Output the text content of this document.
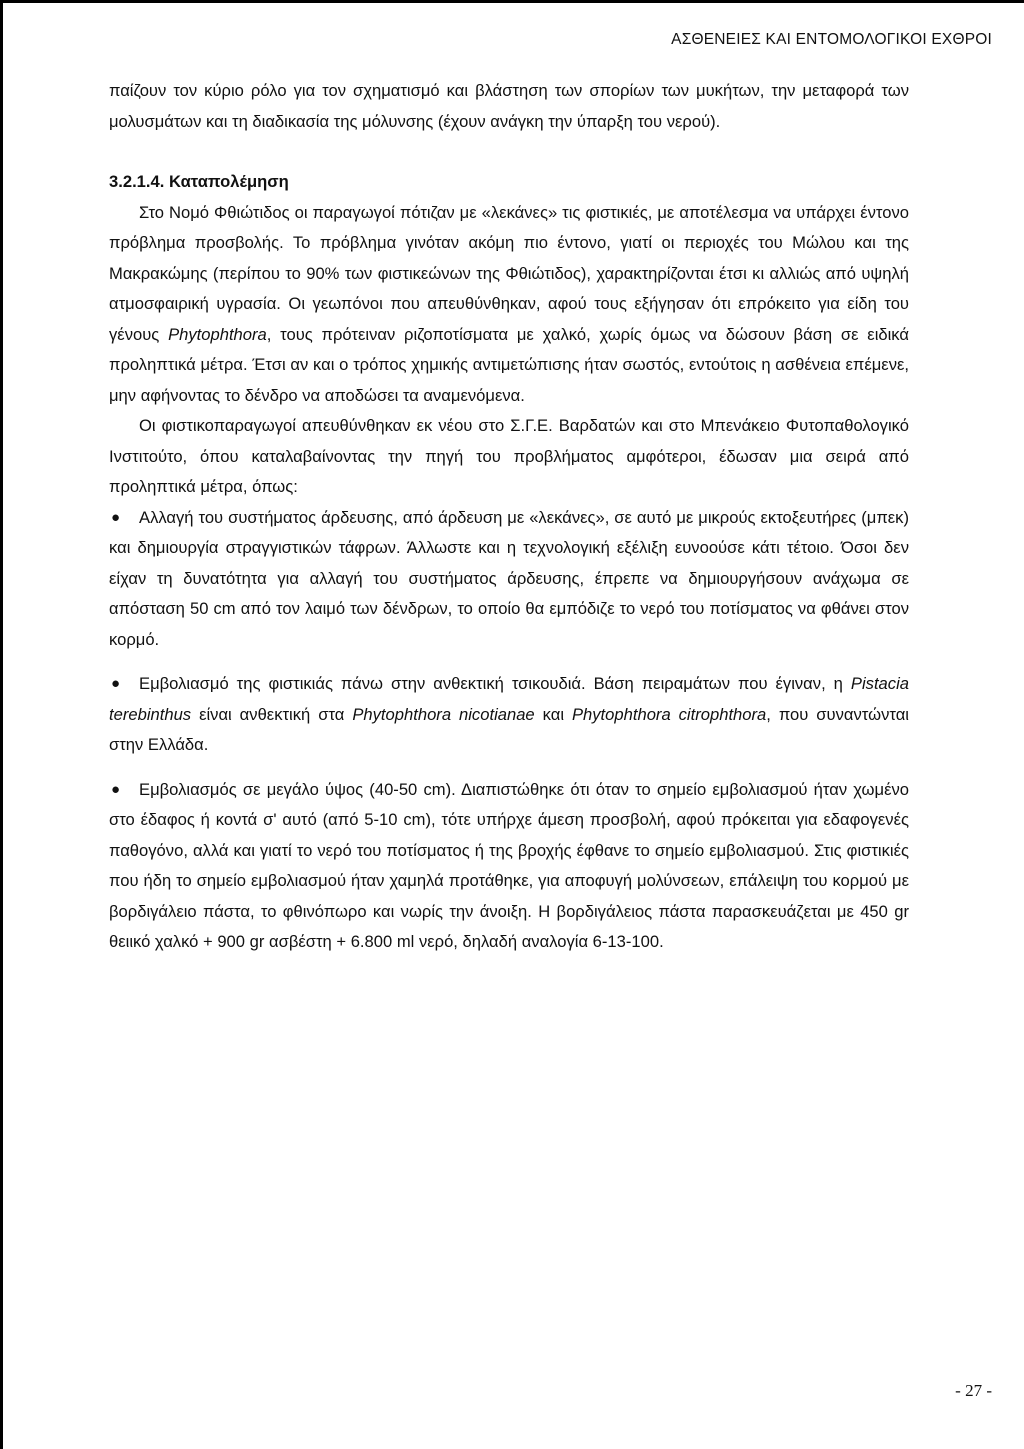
ΑΣΘΕΝΕΙΕΣ ΚΑΙ ΕΝΤΟΜΟΛΟΓΙΚΟΙ ΕΧΘΡΟΙ

παίζουν τον κύριο ρόλο για τον σχηματισμό και βλάστηση των σπορίων των μυκήτων, την μεταφορά των μολυσμάτων και τη διαδικασία της μόλυνσης (έχουν ανάγκη την ύπαρξη του νερού).

3.2.1.4. Καταπολέμηση

Στο Νομό Φθιώτιδος οι παραγωγοί πότιζαν με «λεκάνες» τις φιστικιές, με αποτέλεσμα να υπάρχει έντονο πρόβλημα προσβολής. Το πρόβλημα γινόταν ακόμη πιο έντονο, γιατί οι περιοχές του Μώλου και της Μακρακώμης (περίπου το 90% των φιστικεώνων της Φθιώτιδος), χαρακτηρίζονται έτσι κι αλλιώς από υψηλή ατμοσφαιρική υγρασία. Οι γεωπόνοι που απευθύνθηκαν, αφού τους εξήγησαν ότι επρόκειτο για είδη του γένους Phytophthora, τους πρότειναν ριζοποτίσματα με χαλκό, χωρίς όμως να δώσουν βάση σε ειδικά προληπτικά μέτρα. Έτσι αν και ο τρόπος χημικής αντιμετώπισης ήταν σωστός, εντούτοις η ασθένεια επέμενε, μην αφήνοντας το δένδρο να αποδώσει τα αναμενόμενα.

Οι φιστικοπαραγωγοί απευθύνθηκαν εκ νέου στο Σ.Γ.Ε. Βαρδατών και στο Μπενάκειο Φυτοπαθολογικό Ινστιτούτο, όπου καταλαβαίνοντας την πηγή του προβλήματος αμφότεροι, έδωσαν μια σειρά από προληπτικά μέτρα, όπως:

● Αλλαγή του συστήματος άρδευσης, από άρδευση με «λεκάνες», σε αυτό με μικρούς εκτοξευτήρες (μπεκ) και δημιουργία στραγγιστικών τάφρων. Άλλωστε και η τεχνολογική εξέλιξη ευνοούσε κάτι τέτοιο. Όσοι δεν είχαν τη δυνατότητα για αλλαγή του συστήματος άρδευσης, έπρεπε να δημιουργήσουν ανάχωμα σε απόσταση 50 cm από τον λαιμό των δένδρων, το οποίο θα εμπόδιζε το νερό του ποτίσματος να φθάνει στον κορμό.

● Εμβολιασμό της φιστικιάς πάνω στην ανθεκτική τσικουδιά. Βάση πειραμάτων που έγιναν, η Pistacia terebinthus είναι ανθεκτική στα Phytophthora nicotianae και Phytophthora citrophthora, που συναντώνται στην Ελλάδα.

● Εμβολιασμός σε μεγάλο ύψος (40-50 cm). Διαπιστώθηκε ότι όταν το σημείο εμβολιασμού ήταν χωμένο στο έδαφος ή κοντά σ' αυτό (από 5-10 cm), τότε υπήρχε άμεση προσβολή, αφού πρόκειται για εδαφογενές παθογόνο, αλλά και γιατί το νερό του ποτίσματος ή της βροχής έφθανε το σημείο εμβολιασμού. Στις φιστικιές που ήδη το σημείο εμβολιασμού ήταν χαμηλά προτάθηκε, για αποφυγή μολύνσεων, επάλειψη του κορμού με βορδιγάλειο πάστα, το φθινόπωρο και νωρίς την άνοιξη. Η βορδιγάλειος πάστα παρασκευάζεται με 450 gr θειικό χαλκό + 900 gr ασβέστη + 6.800 ml νερό, δηλαδή αναλογία 6-13-100.

- 27 -
